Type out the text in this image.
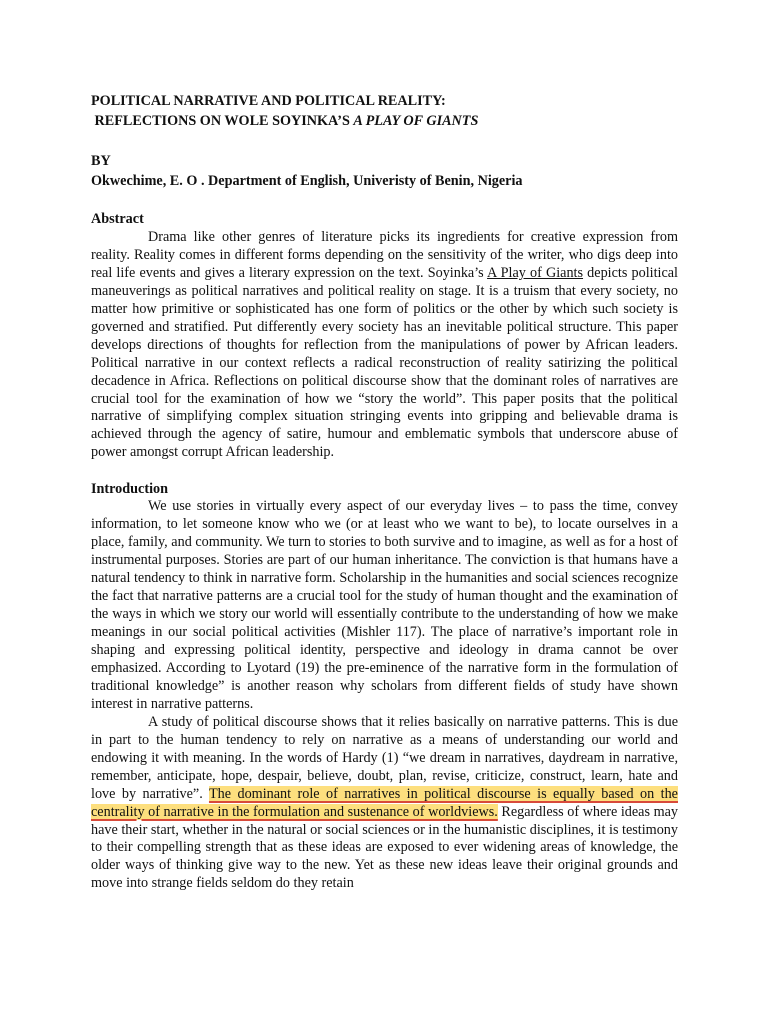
POLITICAL NARRATIVE AND POLITICAL REALITY:
REFLECTIONS ON WOLE SOYINKA’S A PLAY OF GIANTS
BY
Okwechime, E. O . Department of English, Univeristy of Benin, Nigeria
Abstract
Drama like other genres of literature picks its ingredients for creative expression from reality. Reality comes in different forms depending on the sensitivity of the writer, who digs deep into real life events and gives a literary expression on the text. Soyinka’s A Play of Giants depicts political maneuverings as political narratives and political reality on stage. It is a truism that every society, no matter how primitive or sophisticated has one form of politics or the other by which such society is governed and stratified. Put differently every society has an inevitable political structure. This paper develops directions of thoughts for reflection from the manipulations of power by African leaders. Political narrative in our context reflects a radical reconstruction of reality satirizing the political decadence in Africa. Reflections on political discourse show that the dominant roles of narratives are crucial tool for the examination of how we “story the world”. This paper posits that the political narrative of simplifying complex situation stringing events into gripping and believable drama is achieved through the agency of satire, humour and emblematic symbols that underscore abuse of power amongst corrupt African leadership.
Introduction

We use stories in virtually every aspect of our everyday lives – to pass the time, convey information, to let someone know who we (or at least who we want to be), to locate ourselves in a place, family, and community. We turn to stories to both survive and to imagine, as well as for a host of instrumental purposes. Stories are part of our human inheritance. The conviction is that humans have a natural tendency to think in narrative form. Scholarship in the humanities and social sciences recognize the fact that narrative patterns are a crucial tool for the study of human thought and the examination of the ways in which we story our world will essentially contribute to the understanding of how we make meanings in our social political activities (Mishler 117). The place of narrative’s important role in shaping and expressing political identity, perspective and ideology in drama cannot be over emphasized. According to Lyotard (19) the pre-eminence of the narrative form in the formulation of traditional knowledge” is another reason why scholars from different fields of study have shown interest in narrative patterns.

A study of political discourse shows that it relies basically on narrative patterns. This is due in part to the human tendency to rely on narrative as a means of understanding our world and endowing it with meaning. In the words of Hardy (1) “we dream in narratives, daydream in narrative, remember, anticipate, hope, despair, believe, doubt, plan, revise, criticize, construct, learn, hate and love by narrative”. The dominant role of narratives in political discourse is equally based on the centrality of narrative in the formulation and sustenance of worldviews. Regardless of where ideas may have their start, whether in the natural or social sciences or in the humanistic disciplines, it is testimony to their compelling strength that as these ideas are exposed to ever widening areas of knowledge, the older ways of thinking give way to the new. Yet as these new ideas leave their original grounds and move into strange fields seldom do they retain
